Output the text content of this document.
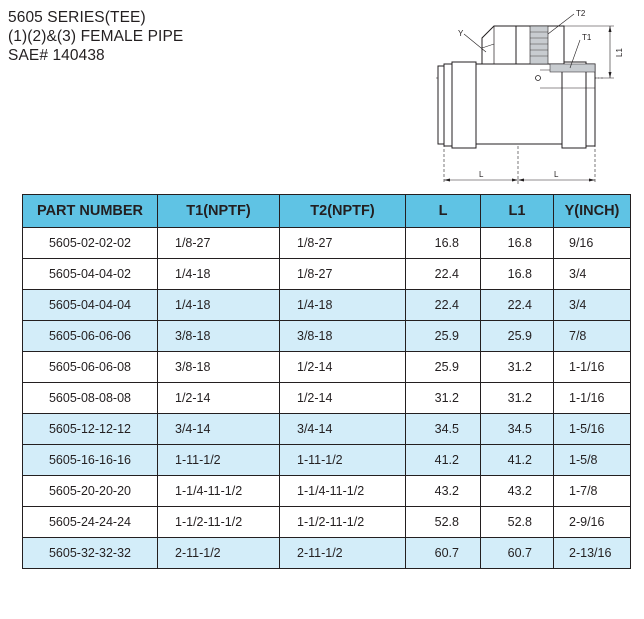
5605 SERIES(TEE)
(1)(2)&(3) FEMALE PIPE
SAE# 140438
L	L
L1
Y
T2
T1
PART NUMBER	T1(NPTF)	T2(NPTF)	L	L1	Y(INCH)
5605-02-02-02	1/8-27	1/8-27	16.8	16.8	9/16
5605-04-04-02	1/4-18	1/8-27	22.4	16.8	3/4
5605-04-04-04	1/4-18	1/4-18	22.4	22.4	3/4
5605-06-06-06	3/8-18	3/8-18	25.9	25.9	7/8
5605-06-06-08	3/8-18	1/2-14	25.9	31.2	1-1/16
5605-08-08-08	1/2-14	1/2-14	31.2	31.2	1-1/16
5605-12-12-12	3/4-14	3/4-14	34.5	34.5	1-5/16
5605-16-16-16	1-11-1/2	1-11-1/2	41.2	41.2	1-5/8
5605-20-20-20	1-1/4-11-1/2	1-1/4-11-1/2	43.2	43.2	1-7/8
5605-24-24-24	1-1/2-11-1/2	1-1/2-11-1/2	52.8	52.8	2-9/16
5605-32-32-32	2-11-1/2	2-11-1/2	60.7	60.7	2-13/16
